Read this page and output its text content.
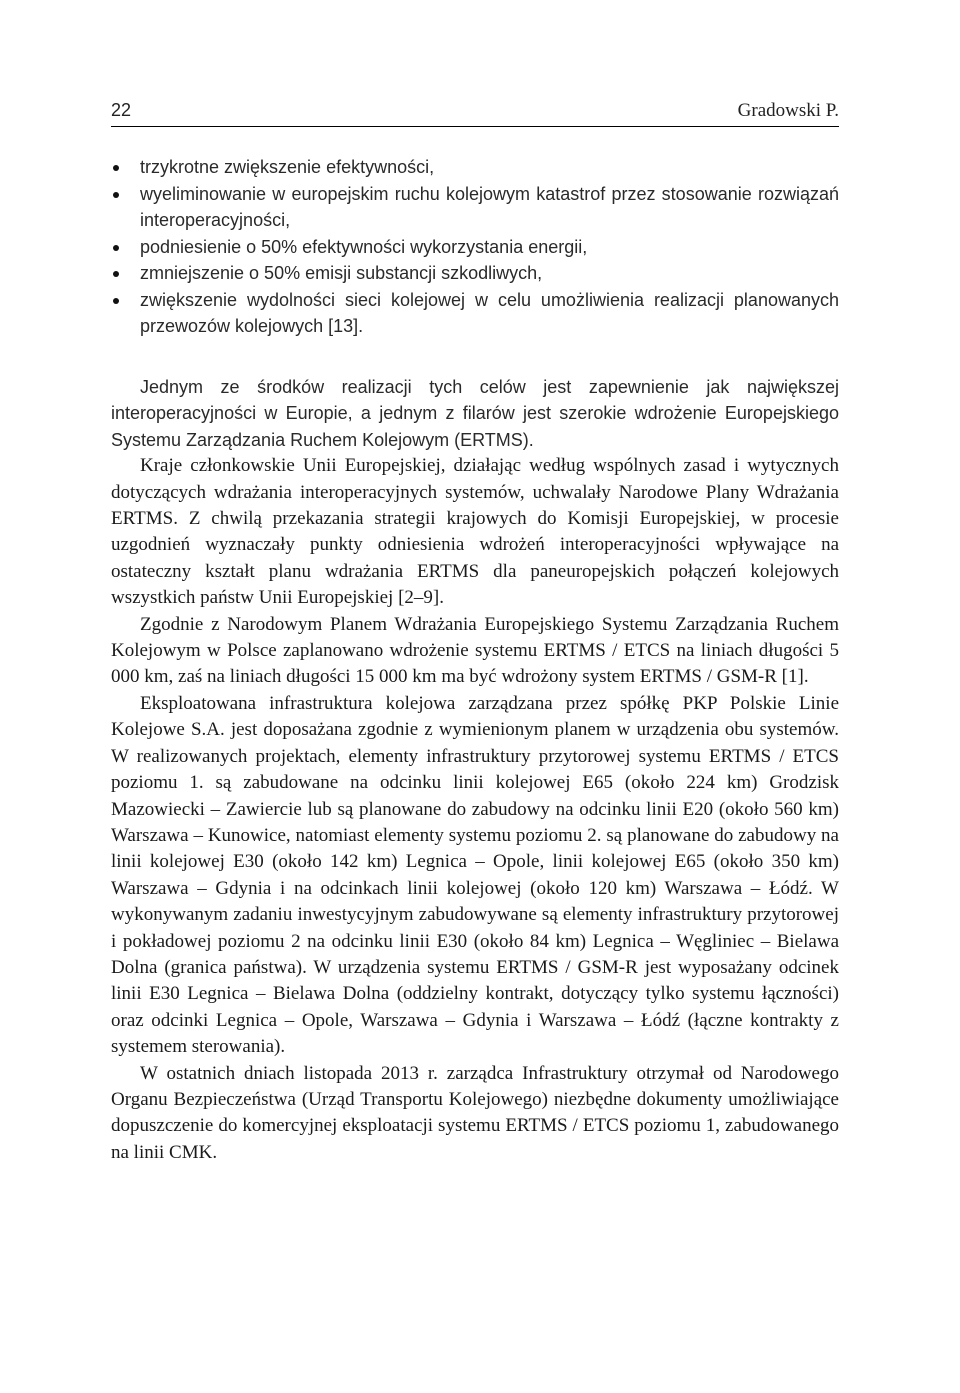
22	Gradowski P.
trzykrotne zwiększenie efektywności,
wyeliminowanie w europejskim ruchu kolejowym katastrof przez stosowanie rozwiązań interoperacyjności,
podniesienie o 50% efektywności wykorzystania energii,
zmniejszenie o 50% emisji substancji szkodliwych,
zwiększenie wydolności sieci kolejowej w celu umożliwienia realizacji planowanych przewozów kolejowych [13].

Jednym ze środków realizacji tych celów jest zapewnienie jak największej interoperacyjności w Europie, a jednym z filarów jest szerokie wdrożenie Europejskiego Systemu Zarządzania Ruchem Kolejowym (ERTMS).

Kraje członkowskie Unii Europejskiej, działając według wspólnych zasad i wytycznych dotyczących wdrażania interoperacyjnych systemów, uchwalały Narodowe Plany Wdrażania ERTMS. Z chwilą przekazania strategii krajowych do Komisji Europejskiej, w procesie uzgodnień wyznaczały punkty odniesienia wdrożeń interoperacyjności wpływające na ostateczny kształt planu wdrażania ERTMS dla paneuropejskich połączeń kolejowych wszystkich państw Unii Europejskiej [2–9].

Zgodnie z Narodowym Planem Wdrażania Europejskiego Systemu Zarządzania Ruchem Kolejowym w Polsce zaplanowano wdrożenie systemu ERTMS / ETCS na liniach długości 5 000 km, zaś na liniach długości 15 000 km ma być wdrożony system ERTMS / GSM-R [1].

Eksploatowana infrastruktura kolejowa zarządzana przez spółkę PKP Polskie Linie Kolejowe S.A. jest doposażana zgodnie z wymienionym planem w urządzenia obu systemów. W realizowanych projektach, elementy infrastruktury przytorowej systemu ERTMS / ETCS poziomu 1. są zabudowane na odcinku linii kolejowej E65 (około 224 km) Grodzisk Mazowiecki – Zawiercie lub są planowane do zabudowy na odcinku linii E20 (około 560 km) Warszawa – Kunowice, natomiast elementy systemu poziomu 2. są planowane do zabudowy na linii kolejowej E30 (około 142 km) Legnica – Opole, linii kolejowej E65 (około 350 km) Warszawa – Gdynia i na odcinkach linii kolejowej (około 120 km) Warszawa – Łódź. W wykonywanym zadaniu inwestycyjnym zabudowywane są elementy infrastruktury przytorowej i pokładowej poziomu 2 na odcinku linii E30 (około 84 km) Legnica – Węgliniec – Bielawa Dolna (granica państwa). W urządzenia systemu ERTMS / GSM-R jest wyposażany odcinek linii E30 Legnica – Bielawa Dolna (oddzielny kontrakt, dotyczący tylko systemu łączności) oraz odcinki Legnica – Opole, Warszawa – Gdynia i Warszawa – Łódź (łączne kontrakty z systemem sterowania).

W ostatnich dniach listopada 2013 r. zarządca Infrastruktury otrzymał od Narodowego Organu Bezpieczeństwa (Urząd Transportu Kolejowego) niezbędne dokumenty umożliwiające dopuszczenie do komercyjnej eksploatacji systemu ERTMS / ETCS poziomu 1, zabudowanego na linii CMK.
